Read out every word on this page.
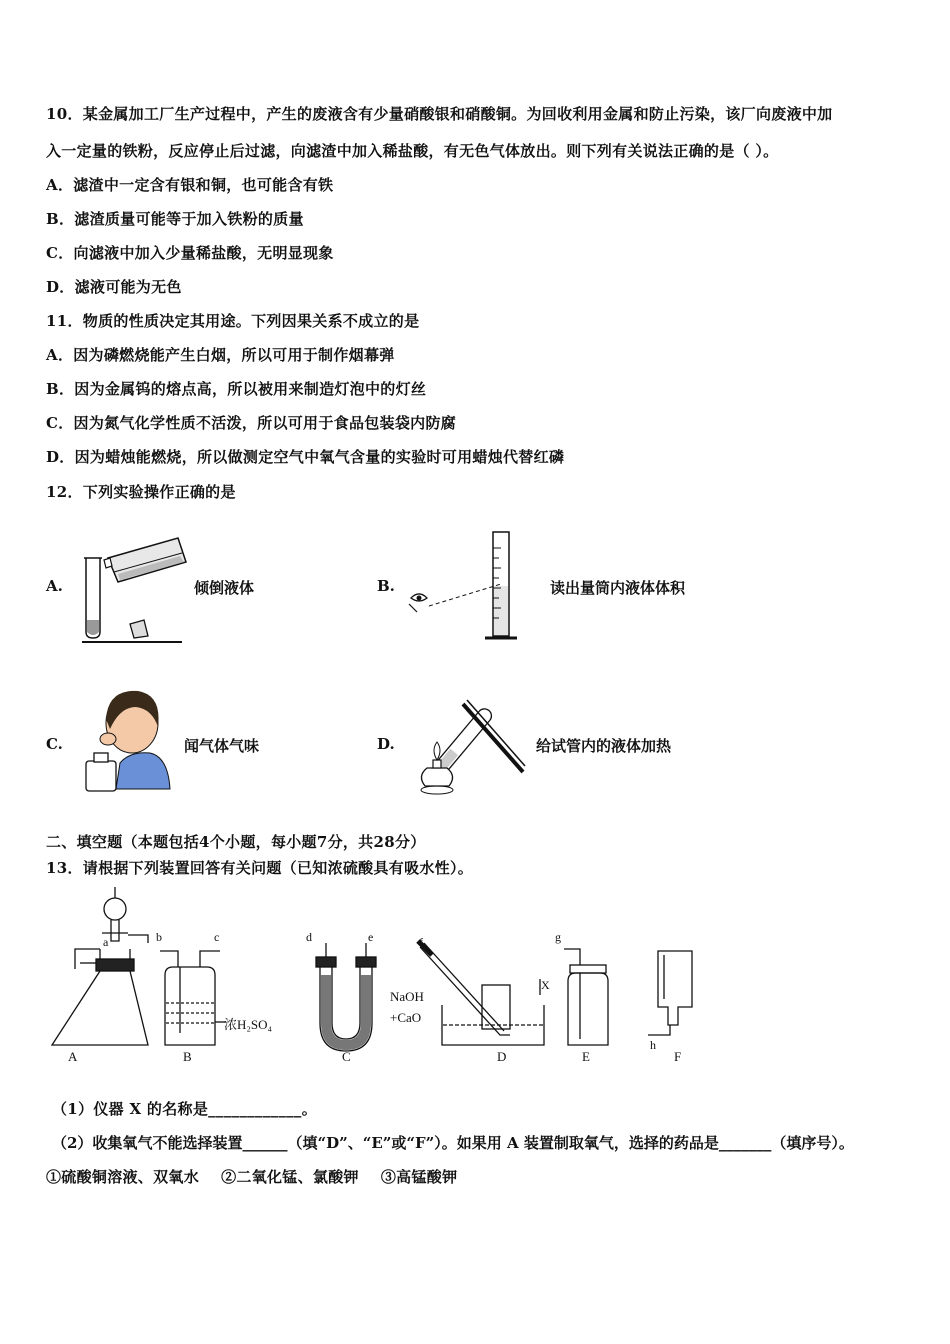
10．某金属加工厂生产过程中，产生的废液含有少量硝酸银和硝酸铜。为回收利用金属和防止污染，该厂向废液中加
入一定量的铁粉，反应停止后过滤，向滤渣中加入稀盐酸，有无色气体放出。则下列有关说法正确的是（ ）。
A．滤渣中一定含有银和铜，也可能含有铁
B．滤渣质量可能等于加入铁粉的质量
C．向滤液中加入少量稀盐酸，无明显现象
D．滤液可能为无色
11．物质的性质决定其用途。下列因果关系不成立的是
A．因为磷燃烧能产生白烟，所以可用于制作烟幕弹
B．因为金属钨的熔点高，所以被用来制造灯泡中的灯丝
C．因为氮气化学性质不活泼，所以可用于食品包装袋内防腐
D．因为蜡烛能燃烧，所以做测定空气中氧气含量的实验时可用蜡烛代替红磷
12．下列实验操作正确的是
A.	倾倒液体	B.	读出量筒内液体体积
C.	闻气体气味	D.	给试管内的液体加热
二、填空题（本题包括4个小题，每小题7分，共28分）
13．请根据下列装置回答有关问题（已知浓硫酸具有吸水性）。
A	B	C	D	E	F
a	b	c	d	e	f	g
h
X
浓H₂SO₄
NaOH
+CaO
（1）仪器 X 的名称是____________。
（2）收集氧气不能选择装置______（填“D”、“E”或“F”）。如果用 A 装置制取氧气，选择的药品是_______（填序号）。
①硫酸铜溶液、双氧水    ②二氧化锰、氯酸钾    ③高锰酸钾
